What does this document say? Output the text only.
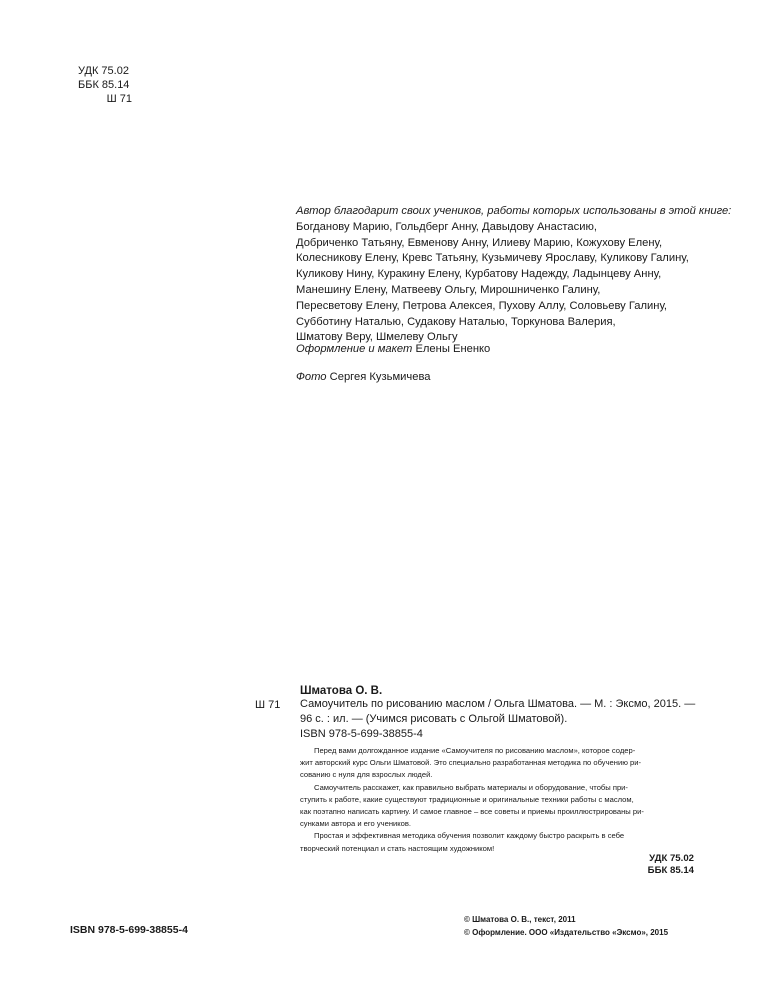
УДК 75.02
ББК 85.14
Ш 71
Автор благодарит своих учеников, работы которых использованы в этой книге:
Богданову Марию, Гольдберг Анну, Давыдову Анастасию,
Добриченко Татьяну, Евменову Анну, Илиеву Марию, Кожухову Елену,
Колесникову Елену, Кревс Татьяну, Кузьмичеву Ярославу, Куликову Галину,
Куликову Нину, Куракину Елену, Курбатову Надежду, Ладынцеву Анну,
Манешину Елену, Матвееву Ольгу, Мирошниченко Галину,
Пересветову Елену, Петрова Алексея, Пухову Аллу, Соловьеву Галину,
Субботину Наталью, Судакову Наталью, Торкунова Валерия,
Шматову Веру, Шмелеву Ольгу
Оформление и макет Елены Ененко
Фото Сергея Кузьмичева
Шматова О. В.
Ш 71 Самоучитель по рисованию маслом / Ольга Шматова. — М. : Эксмо, 2015. —
96 с. : ил. — (Учимся рисовать с Ольгой Шматовой).
ISBN 978-5-699-38855-4

Перед вами долгожданное издание «Самоучителя по рисованию маслом», которое содер-
жит авторский курс Ольги Шматовой. Это специально разработанная методика по обучению ри-
сованию с нуля для взрослых людей.

Самоучитель расскажет, как правильно выбрать материалы и оборудование, чтобы при-
ступить к работе, какие существуют традиционные и оригинальные техники работы с маслом,
как поэтапно написать картину. И самое главное – все советы и приемы проиллюстрированы ри-
сунками автора и его учеников.

Простая и эффективная методика обучения позволит каждому быстро раскрыть в себе
творческий потенциал и стать настоящим художником!

УДК 75.02
ББК 85.14
ISBN 978-5-699-38855-4
© Шматова О. В., текст, 2011
© Оформление. ООО «Издательство «Эксмо», 2015
